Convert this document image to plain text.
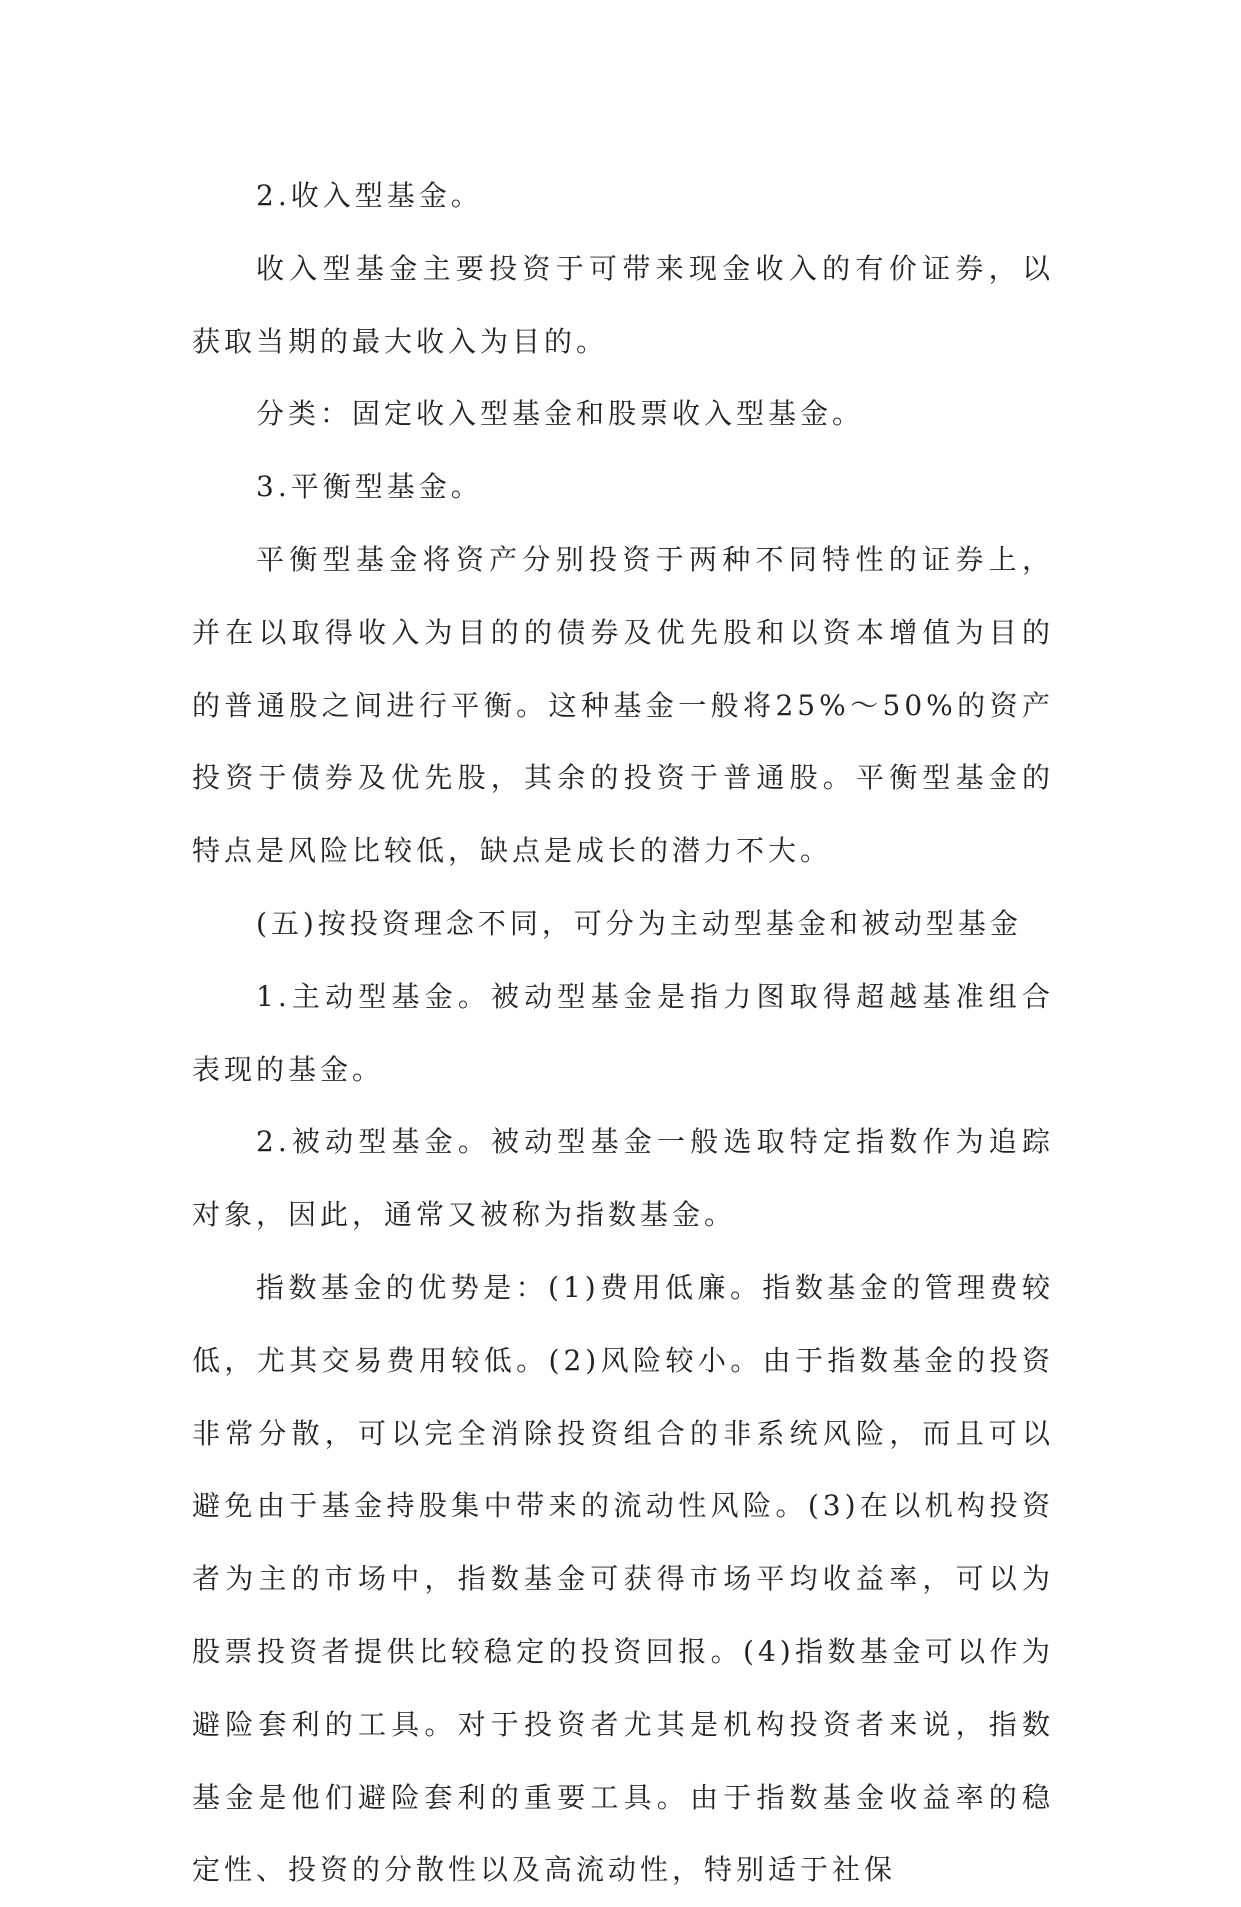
2.收入型基金。

收入型基金主要投资于可带来现金收入的有价证券，以获取当期的最大收入为目的。

分类：固定收入型基金和股票收入型基金。

3.平衡型基金。

平衡型基金将资产分别投资于两种不同特性的证券上，并在以取得收入为目的的债券及优先股和以资本增值为目的的普通股之间进行平衡。这种基金一般将25%～50%的资产投资于债券及优先股，其余的投资于普通股。平衡型基金的特点是风险比较低，缺点是成长的潜力不大。

(五)按投资理念不同，可分为主动型基金和被动型基金

1.主动型基金。被动型基金是指力图取得超越基准组合表现的基金。

2.被动型基金。被动型基金一般选取特定指数作为追踪对象，因此，通常又被称为指数基金。

指数基金的优势是：(1)费用低廉。指数基金的管理费较低，尤其交易费用较低。(2)风险较小。由于指数基金的投资非常分散，可以完全消除投资组合的非系统风险，而且可以避免由于基金持股集中带来的流动性风险。(3)在以机构投资者为主的市场中，指数基金可获得市场平均收益率，可以为股票投资者提供比较稳定的投资回报。(4)指数基金可以作为避险套利的工具。对于投资者尤其是机构投资者来说，指数基金是他们避险套利的重要工具。由于指数基金收益率的稳定性、投资的分散性以及高流动性，特别适于社保
